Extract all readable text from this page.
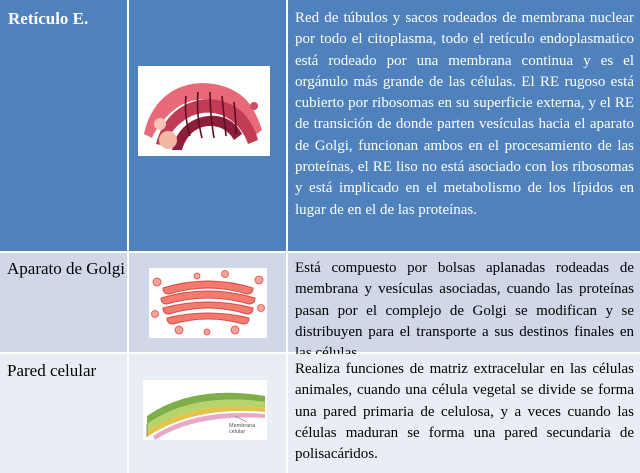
Retículo E.	Red de túbulos y sacos rodeados de membrana nuclear por todo el citoplasma, todo el retículo endoplasmatico está rodeado por una membrana continua y es el orgánulo más grande de las células. El RE rugoso está cubierto por ribosomas en su superficie externa, y el RE de transición de donde parten vesículas hacia el aparato de Golgi, funcionan ambos en el procesamiento de las proteínas, el RE liso no está asociado con los ribosomas y está implicado en el metabolismo de los lípidos en lugar de en el de las proteínas.
Aparato de Golgi	Está compuesto por bolsas aplanadas rodeadas de membrana y vesículas asociadas, cuando las proteínas pasan por el complejo de Golgi se modifican y se distribuyen para el transporte a sus destinos finales en
Pared celular
Membrana celular
Realiza funciones de matriz extracelular en las células animales, cuando una célula vegetal se divide se forma una pared primaria de celulosa, y a veces cuando las células maduran se forma una pared secundaria de polisacáridos.
